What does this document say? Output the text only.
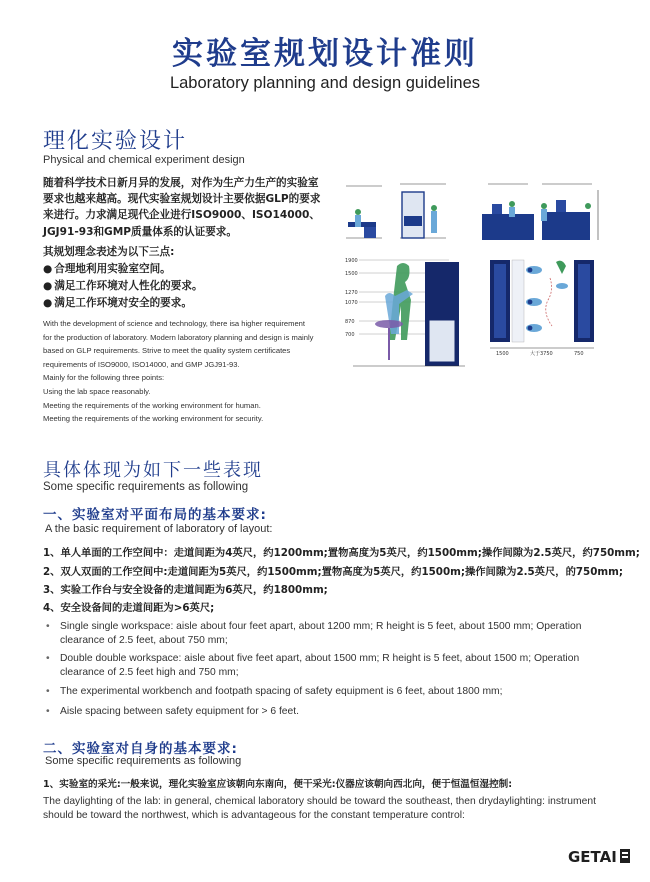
实验室规划设计准则
Laboratory planning and design guidelines
理化实验设计
Physical and chemical experiment design
随着科学技术日新月异的发展，对作为生产力生产的实验室
要求也越来越高。现代实验室规划设计主要依据GLP的要求
来进行。力求满足现代企业进行ISO9000、ISO14000、
JGJ91-93和GMP质量体系的认证要求。
其规划理念表述为以下三点:
● 合理地利用实验室空间。
● 满足工作环境对人性化的要求。
● 满足工作环境对安全的要求。
With the development of science and technology, there isa higher requirement
for the production of laboratory. Modern laboratory planning and design is mainly
based on GLP requirements. Strive to meet the quality system certificates
requirements of ISO9000, ISO14000, and GMP JGJ91-93.
Mainly for the following three points:
Using the lab space reasonably.
Meeting the requirements of the working environment for human.
Meeting the requirements of the working environment for security.
1900
1500
1270
1070
870
700
1500	大于3750	750
具体体现为如下一些表现
Some specific requirements as following
一、实验室对平面布局的基本要求:
A the basic requirement of laboratory of layout:
1、单人单面的工作空间中：走道间距为4英尺，约1200mm;置物高度为5英尺，约1500mm;操作间隙为2.5英尺，约750mm;
2、双人双面的工作空间中:走道间距为5英尺，约1500mm;置物高度为5英尺，约1500m;操作间隙为2.5英尺，的750mm;
3、实验工作台与安全设备的走道间距为6英尺，约1800mm;
4、安全设备间的走道间距为>6英尺;
• Single single workspace: aisle about four feet apart, about 1200 mm; R height is 5 feet, about 1500 mm; Operation clearance of 2.5 feet, about 750 mm;
• Double double workspace: aisle about five feet apart, about 1500 mm; R height is 5 feet, about 1500 m; Operation clearance of 2.5 feet high and 750 mm;
• The experimental workbench and footpath spacing of safety equipment is 6 feet, about 1800 mm;
• Aisle spacing between safety equipment for > 6 feet.
二、实验室对自身的基本要求:
Some specific requirements as following
1、实验室的采光:一般来说，理化实验室应该朝向东南向，便干采光:仪器应该朝向西北向，便于恒温恒湿控制:
The daylighting of the lab: in general, chemical laboratory should be toward the southeast, then drydaylighting: instrument should be toward the northwest, which is advantageous for the constant temperature control:
GETAI
